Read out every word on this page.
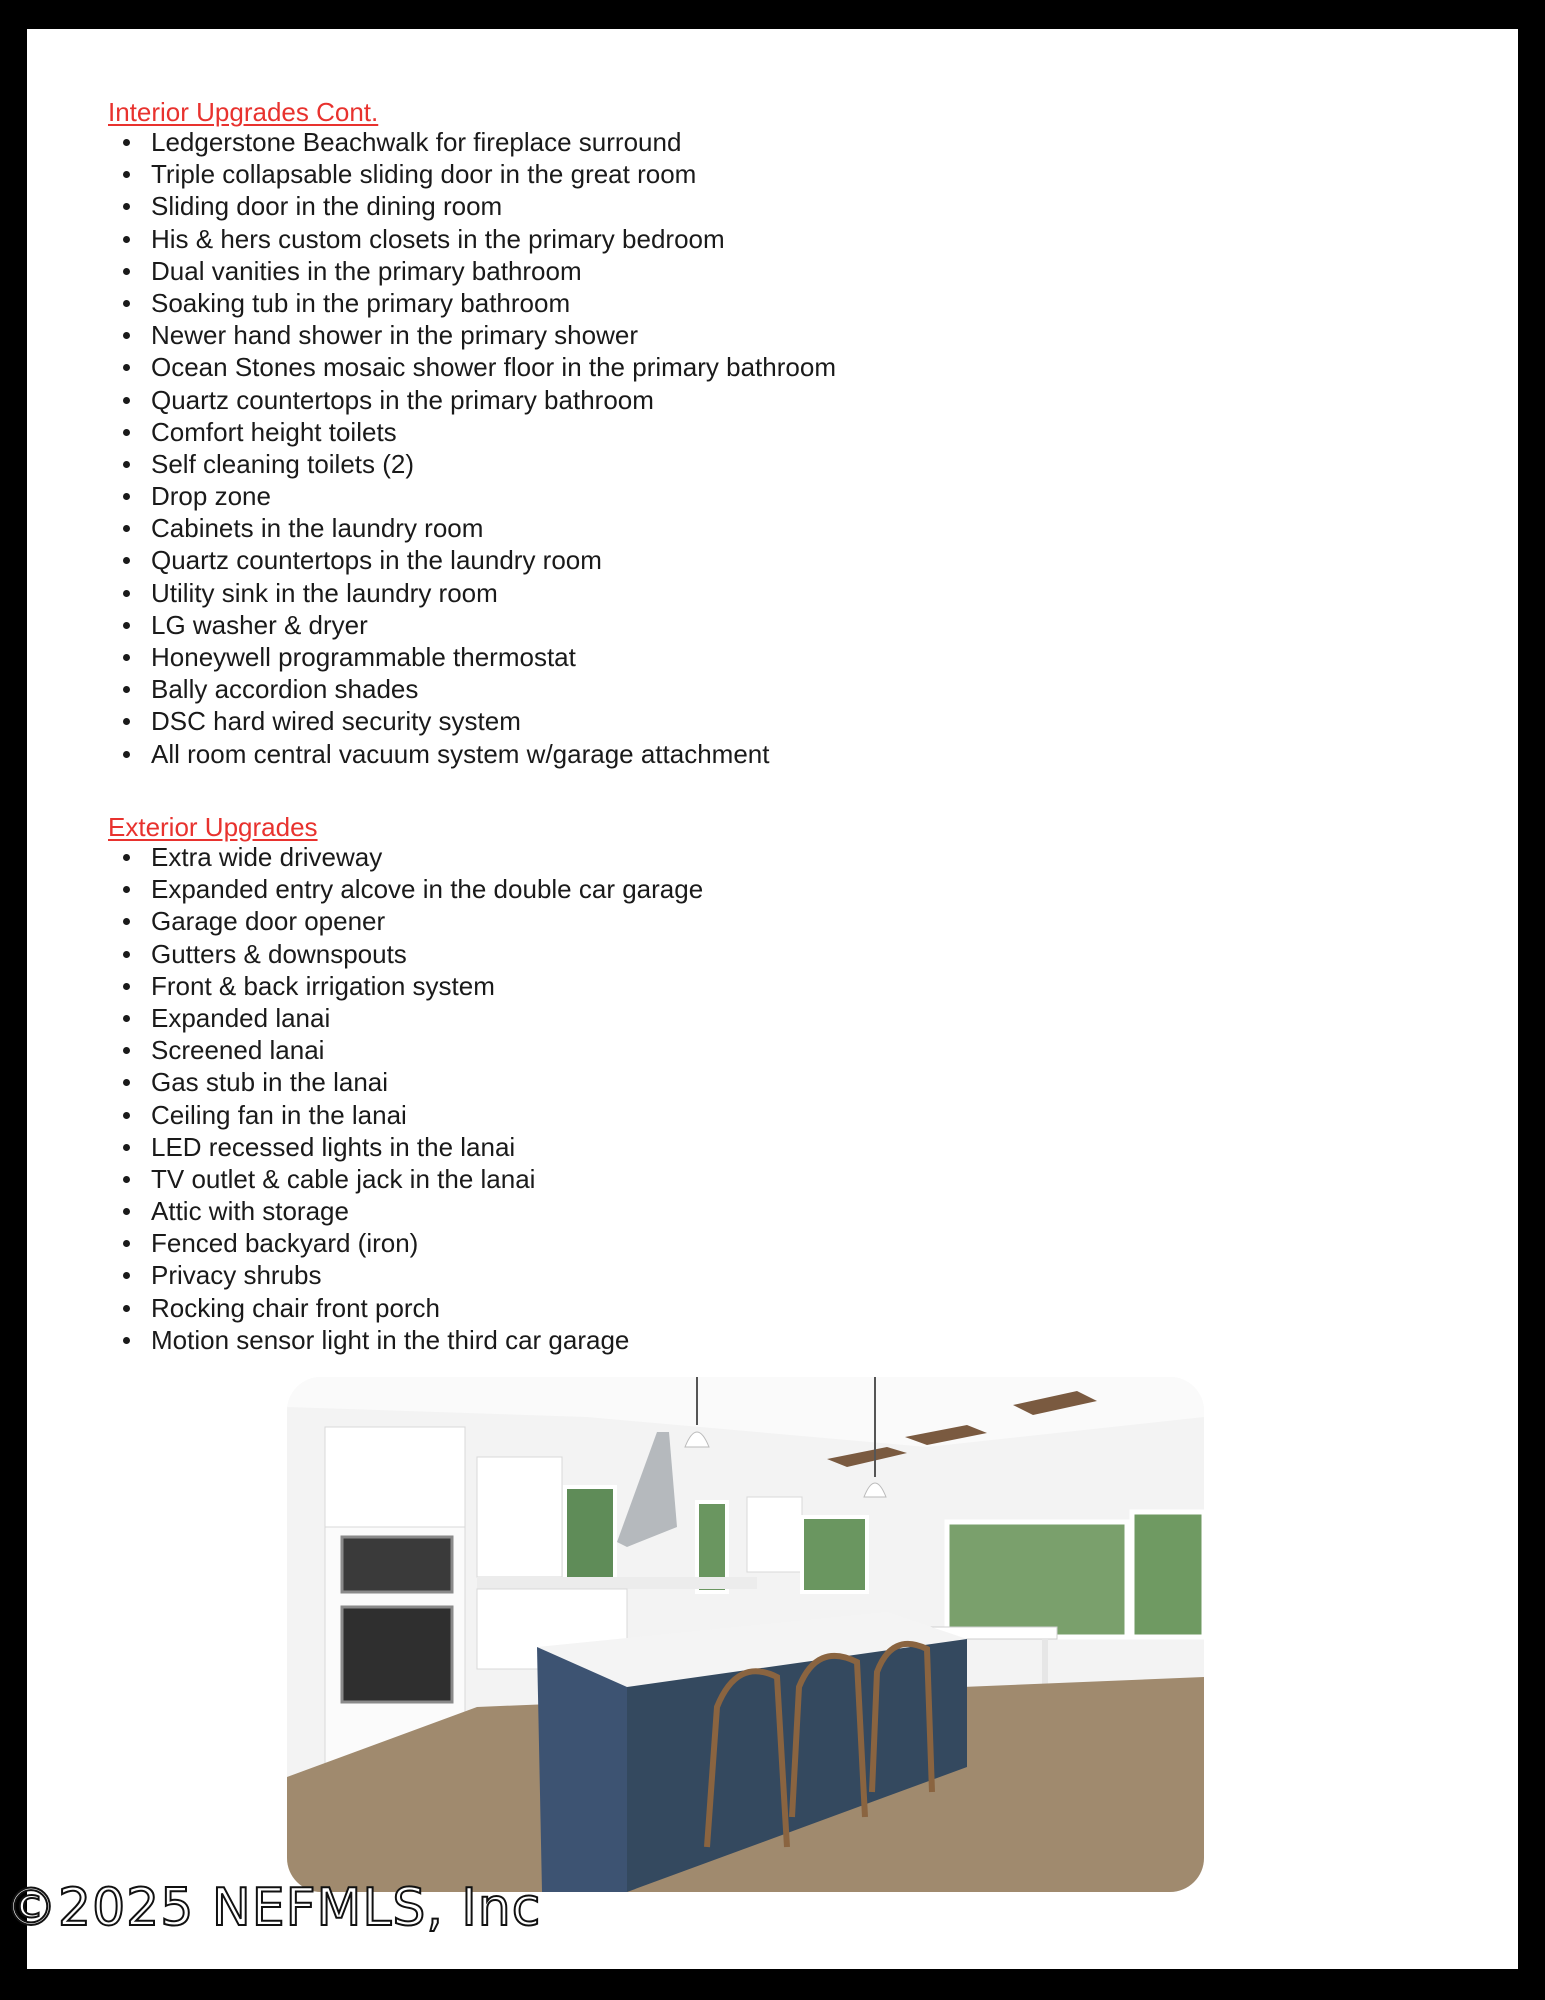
Interior Upgrades Cont.
Ledgerstone Beachwalk for fireplace surround
Triple collapsable sliding door in the great room
Sliding door in the dining room
His & hers custom closets in the primary bedroom
Dual vanities in the primary bathroom
Soaking tub in the primary bathroom
Newer hand shower in the primary shower
Ocean Stones mosaic shower floor in the primary bathroom
Quartz countertops in the primary bathroom
Comfort height toilets
Self cleaning toilets (2)
Drop zone
Cabinets in the laundry room
Quartz countertops in the laundry room
Utility sink in the laundry room
LG washer & dryer
Honeywell programmable thermostat
Bally accordion shades
DSC hard wired security system
All room central vacuum system w/garage attachment
Exterior Upgrades
Extra wide driveway
Expanded entry alcove in the double car garage
Garage door opener
Gutters & downspouts
Front & back irrigation system
Expanded lanai
Screened lanai
Gas stub in the lanai
Ceiling fan in the lanai
LED recessed lights in the lanai
TV outlet & cable jack in the lanai
Attic with storage
Fenced backyard (iron)
Privacy shrubs
Rocking chair front porch
Motion sensor light in the third car garage
©2025 NEFMLS, Inc
